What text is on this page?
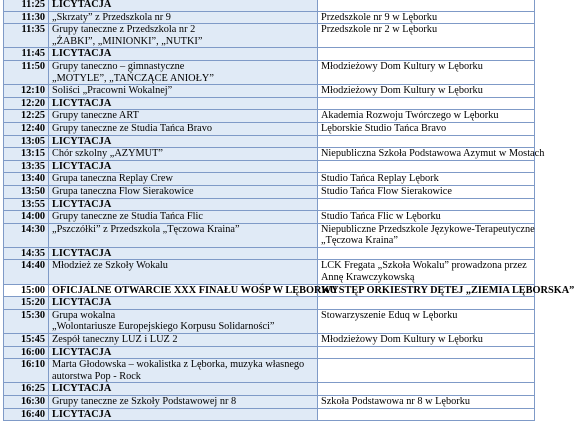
11:25	LICYTACJA	

11:30	„Skrzaty” z Przedszkola nr 9	Przedszkole nr 9 w Lęborku

11:35	Grupy taneczne z Przedszkola nr 2
„ŻABKI”, „MINIONKI”, „NUTKI”	Przedszkole nr 2 w Lęborku

11:45	LICYTACJA	

11:50	Grupy taneczno – gimnastyczne
„MOTYLE”, „TAŃCZĄCE ANIOŁY”	Młodzieżowy Dom Kultury w Lęborku

12:10	Soliści „Pracowni Wokalnej”	Młodzieżowy Dom Kultury w Lęborku

12:20	LICYTACJA	

12:25	Grupy taneczne ART	Akademia Rozwoju Twórczego w Lęborku

12:40	Grupy taneczne ze Studia Tańca Bravo	Lęborskie Studio Tańca Bravo

13:05	LICYTACJA	

13:15	Chór szkolny „AZYMUT”	Niepubliczna Szkoła Podstawowa Azymut w Mostach

13:35	LICYTACJA	

13:40	Grupa taneczna Replay Crew	Studio Tańca Replay Lębork

13:50	Grupa taneczna Flow Sierakowice	Studio Tańca Flow Sierakowice

13:55	LICYTACJA	

14:00	Grupy taneczne ze Studia Tańca Flic	Studio Tańca Flic w Lęborku

14:30	„Pszczółki” z Przedszkola „Tęczowa Kraina”	Niepubliczne Przedszkole Językowe-Terapeutyczne
„Tęczowa Kraina”

14:35	LICYTACJA	

14:40	Młodzież ze Szkoły Wokalu	LCK Fregata „Szkoła Wokalu” prowadzona przez
Annę Krawczykowską

15:00	OFICJALNE OTWARCIE XXX FINAŁU WOŚP W LĘBORKU	WYSTĘP ORKIESTRY DĘTEJ „ZIEMIA LĘBORSKA”

15:20	LICYTACJA	

15:30	Grupa wokalna
„Wolontariusze Europejskiego Korpusu Solidarności”	Stowarzyszenie Eduq w Lęborku

15:45	Zespół taneczny LUZ i LUZ 2	Młodzieżowy Dom Kultury w Lęborku

16:00	LICYTACJA	

16:10	Marta Głodowska – wokalistka z Lęborka, muzyka własnego
autorstwa Pop - Rock	

16:25	LICYTACJA	

16:30	Grupy taneczne ze Szkoły Podstawowej nr 8	Szkoła Podstawowa nr 8 w Lęborku

16:40	LICYTACJA	
